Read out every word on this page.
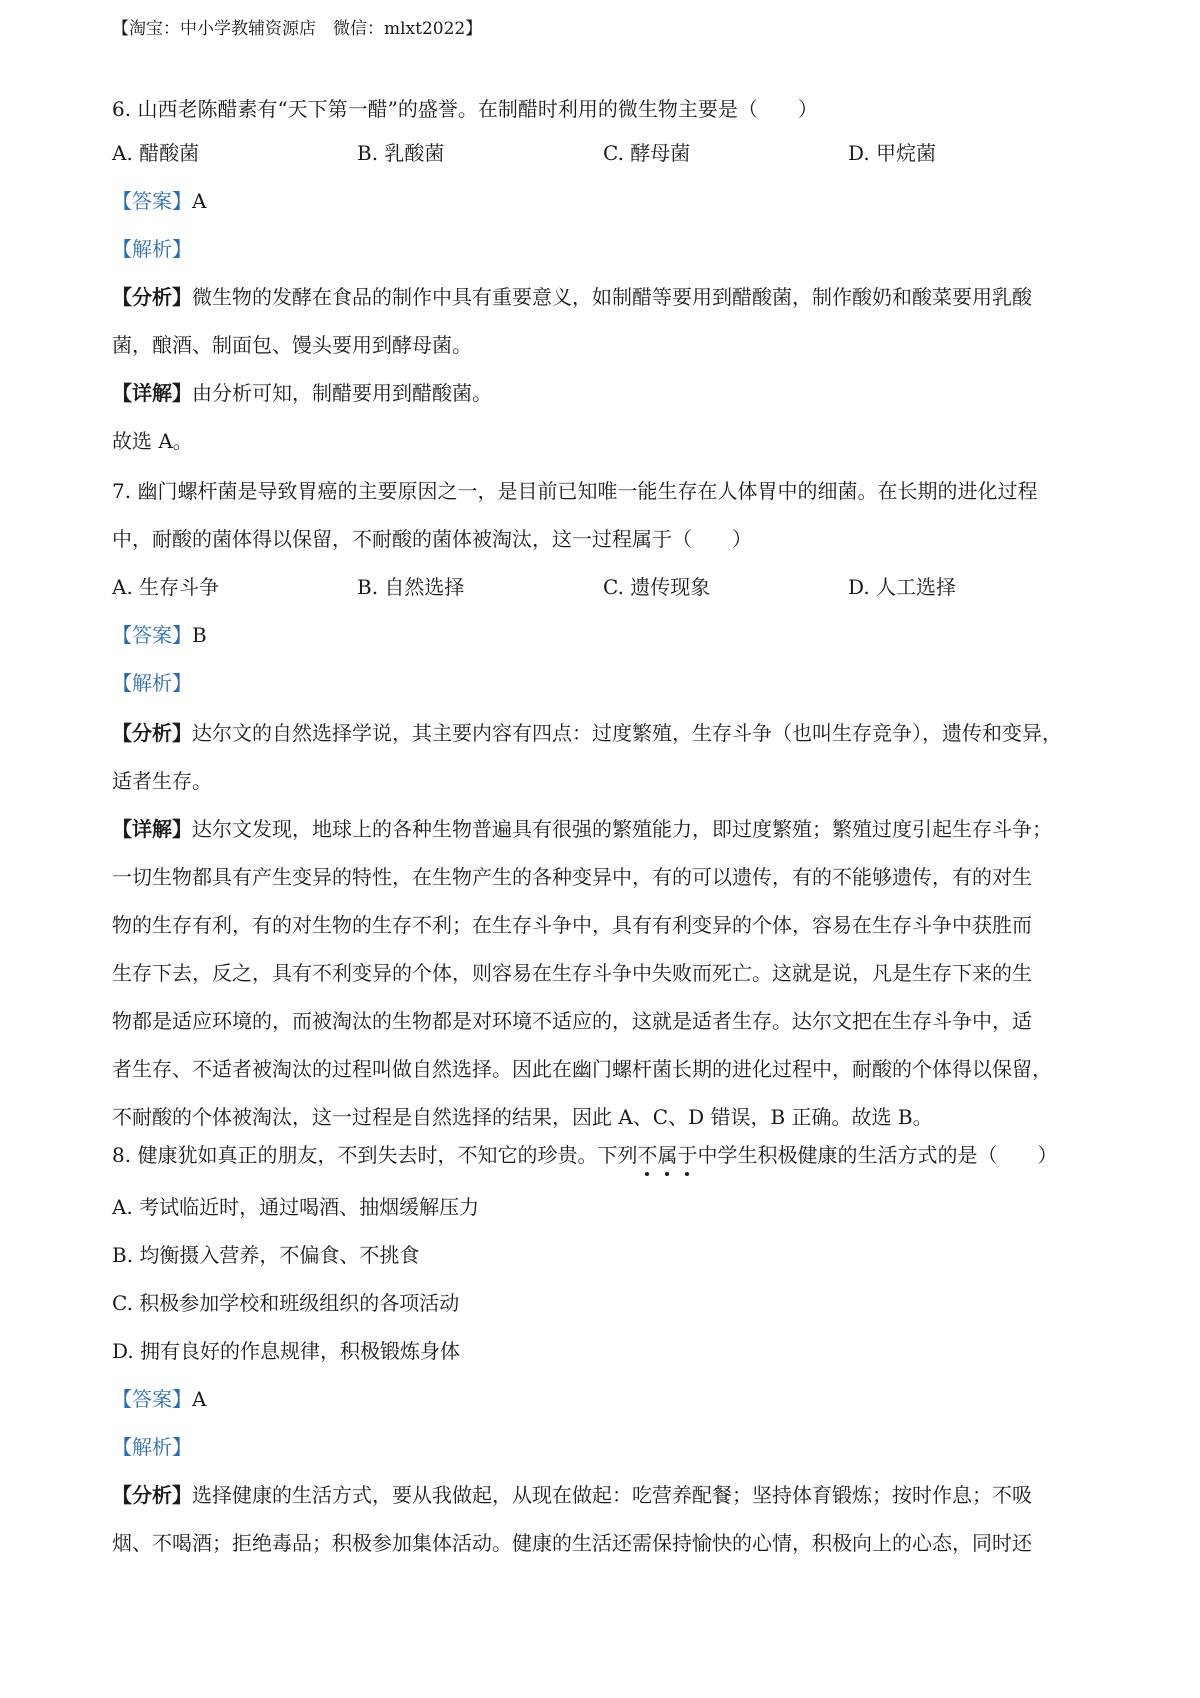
【淘宝：中小学教辅资源店　微信：mlxt2022】
6. 山西老陈醋素有“天下第一醋”的盛誉。在制醋时利用的微生物主要是（　　）
A. 醋酸菌	B. 乳酸菌	C. 酵母菌	D. 甲烷菌
【答案】A
【解析】
【分析】微生物的发酵在食品的制作中具有重要意义，如制醋等要用到醋酸菌，制作酸奶和酸菜要用乳酸
菌，酿酒、制面包、馒头要用到酵母菌。
【详解】由分析可知，制醋要用到醋酸菌。
故选 A。
7. 幽门螺杆菌是导致胃癌的主要原因之一，是目前已知唯一能生存在人体胃中的细菌。在长期的进化过程
中，耐酸的菌体得以保留，不耐酸的菌体被淘汰，这一过程属于（　　）
A. 生存斗争	B. 自然选择	C. 遗传现象	D. 人工选择
【答案】B
【解析】
【分析】达尔文的自然选择学说，其主要内容有四点：过度繁殖，生存斗争（也叫生存竞争），遗传和变异，
适者生存。
【详解】达尔文发现，地球上的各种生物普遍具有很强的繁殖能力，即过度繁殖；繁殖过度引起生存斗争；
一切生物都具有产生变异的特性，在生物产生的各种变异中，有的可以遗传，有的不能够遗传，有的对生
物的生存有利，有的对生物的生存不利；在生存斗争中，具有有利变异的个体，容易在生存斗争中获胜而
生存下去，反之，具有不利变异的个体，则容易在生存斗争中失败而死亡。这就是说，凡是生存下来的生
物都是适应环境的，而被淘汰的生物都是对环境不适应的，这就是适者生存。达尔文把在生存斗争中，适
者生存、不适者被淘汰的过程叫做自然选择。因此在幽门螺杆菌长期的进化过程中，耐酸的个体得以保留，
不耐酸的个体被淘汰，这一过程是自然选择的结果，因此 A、C、D 错误，B 正确。故选 B。
8. 健康犹如真正的朋友，不到失去时，不知它的珍贵。下列不属于中学生积极健康的生活方式的是（　　）
A. 考试临近时，通过喝酒、抽烟缓解压力
B. 均衡摄入营养，不偏食、不挑食
C. 积极参加学校和班级组织的各项活动
D. 拥有良好的作息规律，积极锻炼身体
【答案】A
【解析】
【分析】选择健康的生活方式，要从我做起，从现在做起：吃营养配餐；坚持体育锻炼；按时作息；不吸
烟、不喝酒；拒绝毒品；积极参加集体活动。健康的生活还需保持愉快的心情，积极向上的心态，同时还
